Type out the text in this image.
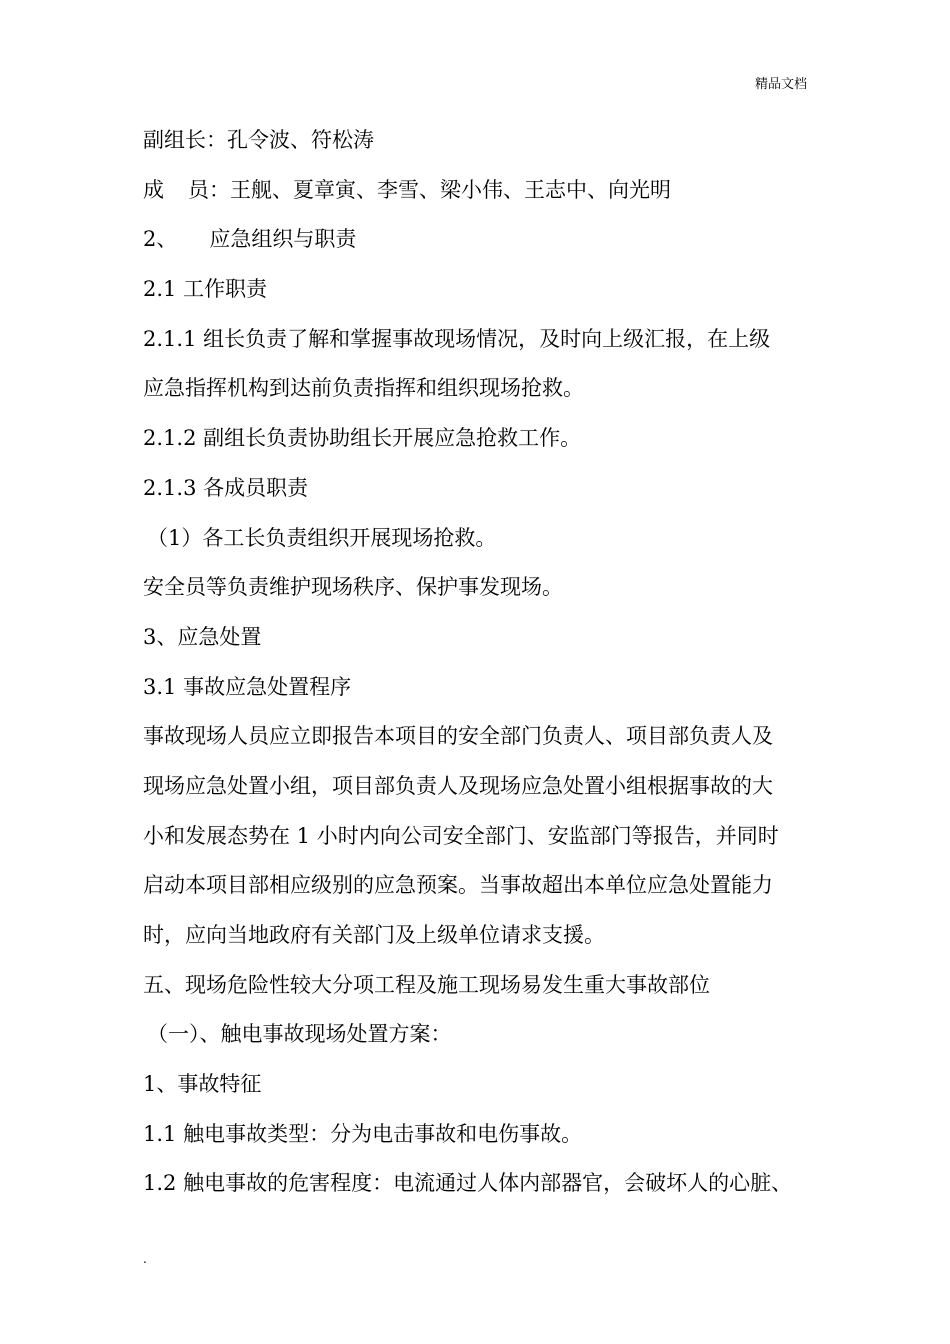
精品文档
副组长：孔令波、符松涛
成 员：王舰、夏章寅、李雪、梁小伟、王志中、向光明
2、 应急组织与职责
2.1 工作职责
2.1.1 组长负责了解和掌握事故现场情况，及时向上级汇报，在上级
应急指挥机构到达前负责指挥和组织现场抢救。
2.1.2 副组长负责协助组长开展应急抢救工作。
2.1.3 各成员职责
（1）各工长负责组织开展现场抢救。
安全员等负责维护现场秩序、保护事发现场。
3、应急处置
3.1 事故应急处置程序
事故现场人员应立即报告本项目的安全部门负责人、项目部负责人及
现场应急处置小组，项目部负责人及现场应急处置小组根据事故的大
小和发展态势在 1 小时内向公司安全部门、安监部门等报告，并同时
启动本项目部相应级别的应急预案。当事故超出本单位应急处置能力
时，应向当地政府有关部门及上级单位请求支援。
五、现场危险性较大分项工程及施工现场易发生重大事故部位
（一）、触电事故现场处置方案：
1、事故特征
1.1 触电事故类型：分为电击事故和电伤事故。
1.2 触电事故的危害程度：电流通过人体内部器官，会破坏人的心脏、
.
